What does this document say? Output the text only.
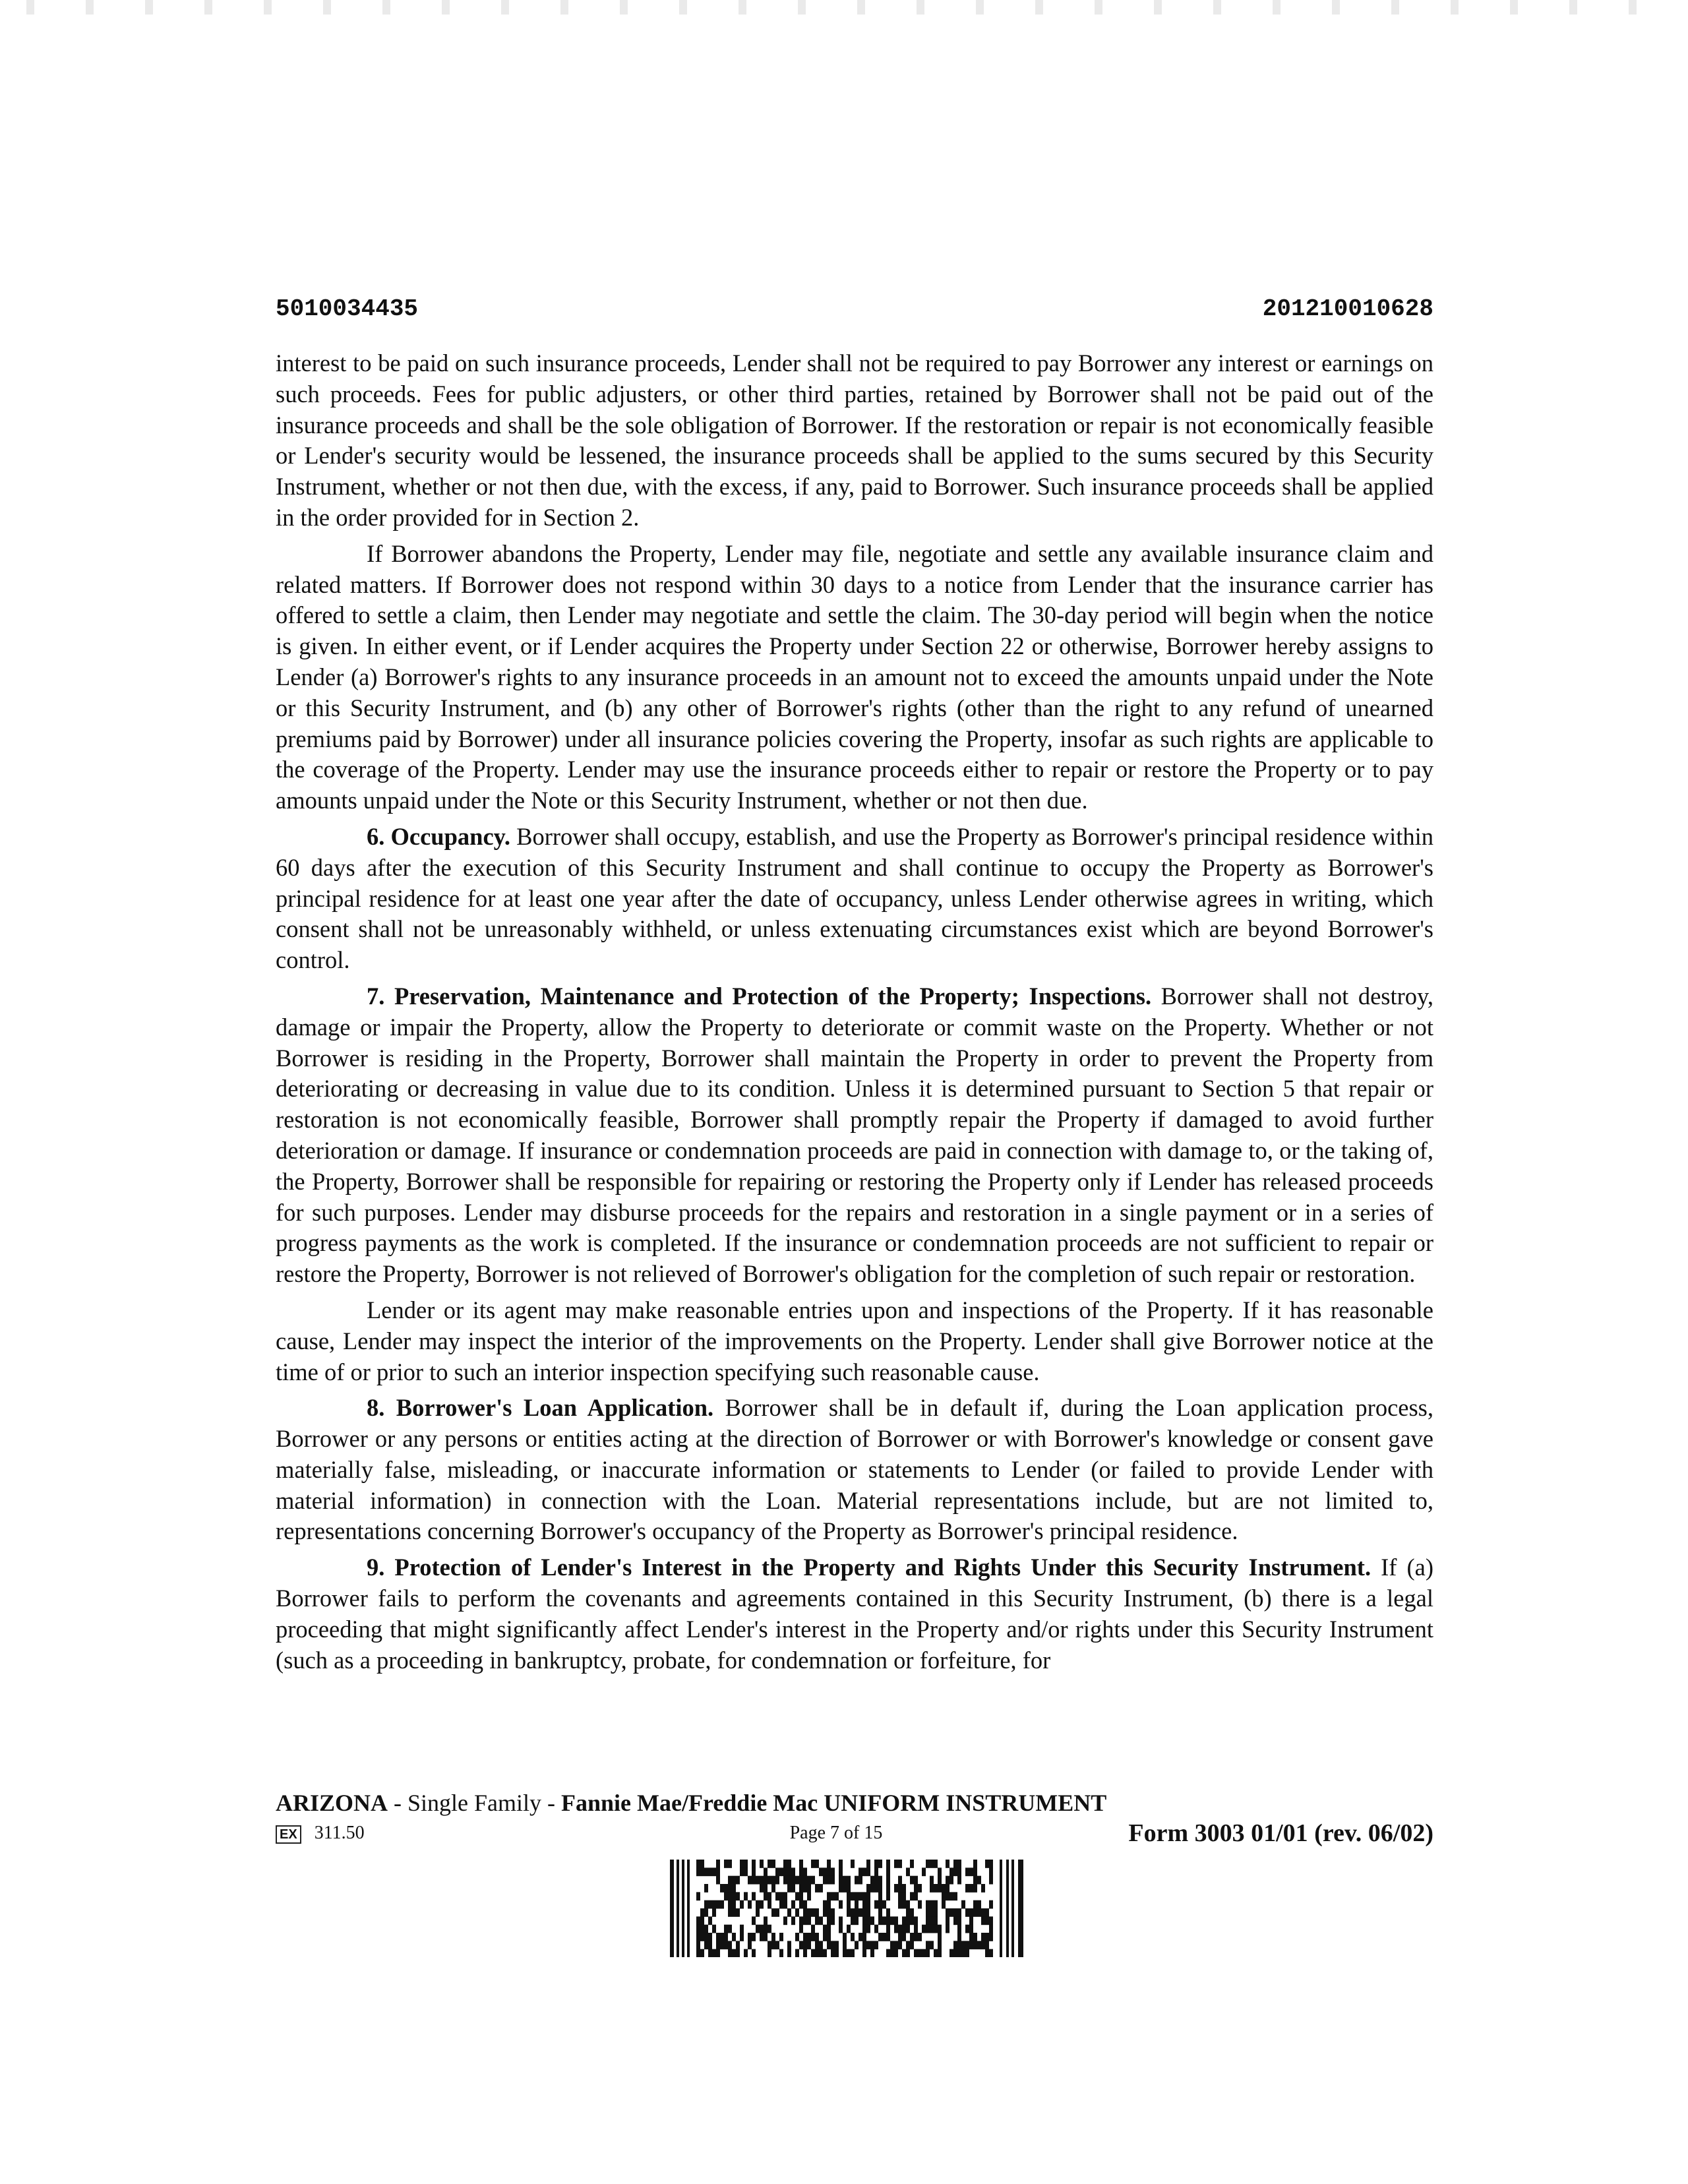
5010034435	201210010628

interest to be paid on such insurance proceeds, Lender shall not be required to pay Borrower any interest or earnings on such proceeds. Fees for public adjusters, or other third parties, retained by Borrower shall not be paid out of the insurance proceeds and shall be the sole obligation of Borrower. If the restoration or repair is not economically feasible or Lender's security would be lessened, the insurance proceeds shall be applied to the sums secured by this Security Instrument, whether or not then due, with the excess, if any, paid to Borrower. Such insurance proceeds shall be applied in the order provided for in Section 2.

If Borrower abandons the Property, Lender may file, negotiate and settle any available insurance claim and related matters. If Borrower does not respond within 30 days to a notice from Lender that the insurance carrier has offered to settle a claim, then Lender may negotiate and settle the claim. The 30-day period will begin when the notice is given. In either event, or if Lender acquires the Property under Section 22 or otherwise, Borrower hereby assigns to Lender (a) Borrower's rights to any insurance proceeds in an amount not to exceed the amounts unpaid under the Note or this Security Instrument, and (b) any other of Borrower's rights (other than the right to any refund of unearned premiums paid by Borrower) under all insurance policies covering the Property, insofar as such rights are applicable to the coverage of the Property. Lender may use the insurance proceeds either to repair or restore the Property or to pay amounts unpaid under the Note or this Security Instrument, whether or not then due.

6. Occupancy. Borrower shall occupy, establish, and use the Property as Borrower's principal residence within 60 days after the execution of this Security Instrument and shall continue to occupy the Property as Borrower's principal residence for at least one year after the date of occupancy, unless Lender otherwise agrees in writing, which consent shall not be unreasonably withheld, or unless extenuating circumstances exist which are beyond Borrower's control.

7. Preservation, Maintenance and Protection of the Property; Inspections. Borrower shall not destroy, damage or impair the Property, allow the Property to deteriorate or commit waste on the Property. Whether or not Borrower is residing in the Property, Borrower shall maintain the Property in order to prevent the Property from deteriorating or decreasing in value due to its condition. Unless it is determined pursuant to Section 5 that repair or restoration is not economically feasible, Borrower shall promptly repair the Property if damaged to avoid further deterioration or damage. If insurance or condemnation proceeds are paid in connection with damage to, or the taking of, the Property, Borrower shall be responsible for repairing or restoring the Property only if Lender has released proceeds for such purposes. Lender may disburse proceeds for the repairs and restoration in a single payment or in a series of progress payments as the work is completed. If the insurance or condemnation proceeds are not sufficient to repair or restore the Property, Borrower is not relieved of Borrower's obligation for the completion of such repair or restoration.

Lender or its agent may make reasonable entries upon and inspections of the Property. If it has reasonable cause, Lender may inspect the interior of the improvements on the Property. Lender shall give Borrower notice at the time of or prior to such an interior inspection specifying such reasonable cause.

8. Borrower's Loan Application. Borrower shall be in default if, during the Loan application process, Borrower or any persons or entities acting at the direction of Borrower or with Borrower's knowledge or consent gave materially false, misleading, or inaccurate information or statements to Lender (or failed to provide Lender with material information) in connection with the Loan. Material representations include, but are not limited to, representations concerning Borrower's occupancy of the Property as Borrower's principal residence.

9. Protection of Lender's Interest in the Property and Rights Under this Security Instrument. If (a) Borrower fails to perform the covenants and agreements contained in this Security Instrument, (b) there is a legal proceeding that might significantly affect Lender's interest in the Property and/or rights under this Security Instrument (such as a proceeding in bankruptcy, probate, for condemnation or forfeiture, for

ARIZONA - Single Family - Fannie Mae/Freddie Mac UNIFORM INSTRUMENT
EX 311.50	Page 7 of 15	Form 3003 01/01 (rev. 06/02)
